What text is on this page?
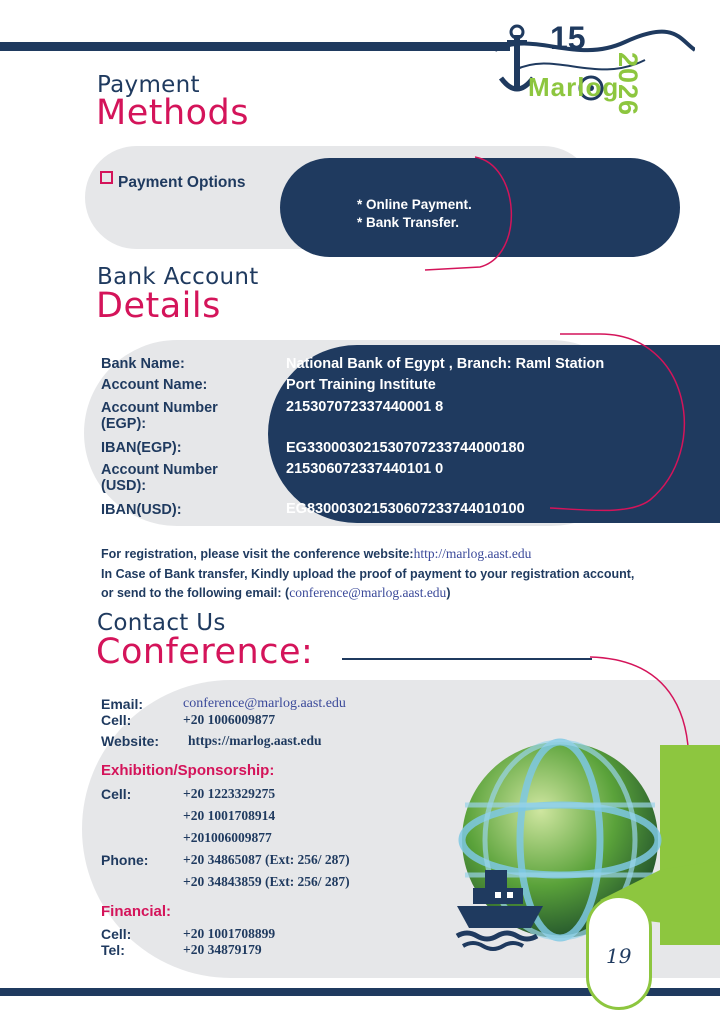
15
Marlog
2026
Payment
Methods
Payment Options
* Online Payment.
* Bank Transfer.
Bank Account
Details
Bank Name:	National Bank of Egypt , Branch: Raml Station
Account Name:	Port Training Institute
Account Number (EGP):
215307072337440001 8
IBAN(EGP):	EG330003021530707233744000180
Account Number (USD):
215306072337440101 0
IBAN(USD):	EG830003021530607233744010100
For registration, please visit the conference website:http://marlog.aast.edu
In Case of Bank transfer, Kindly upload the proof of payment to your registration account,
or send to the following email: (conference@marlog.aast.edu)
Contact Us
Conference:
19
Email:	conference@marlog.aast.edu
Cell:	+20 1006009877
Website: https://marlog.aast.edu
Exhibition/Sponsorship:
Cell:	+20 1223329275
+20 1001708914
+201006009877
Phone:	+20 34865087 (Ext: 256/ 287)
+20 34843859 (Ext: 256/ 287)
Financial:
Cell:	+20 1001708899
Tel:	+20 34879179
